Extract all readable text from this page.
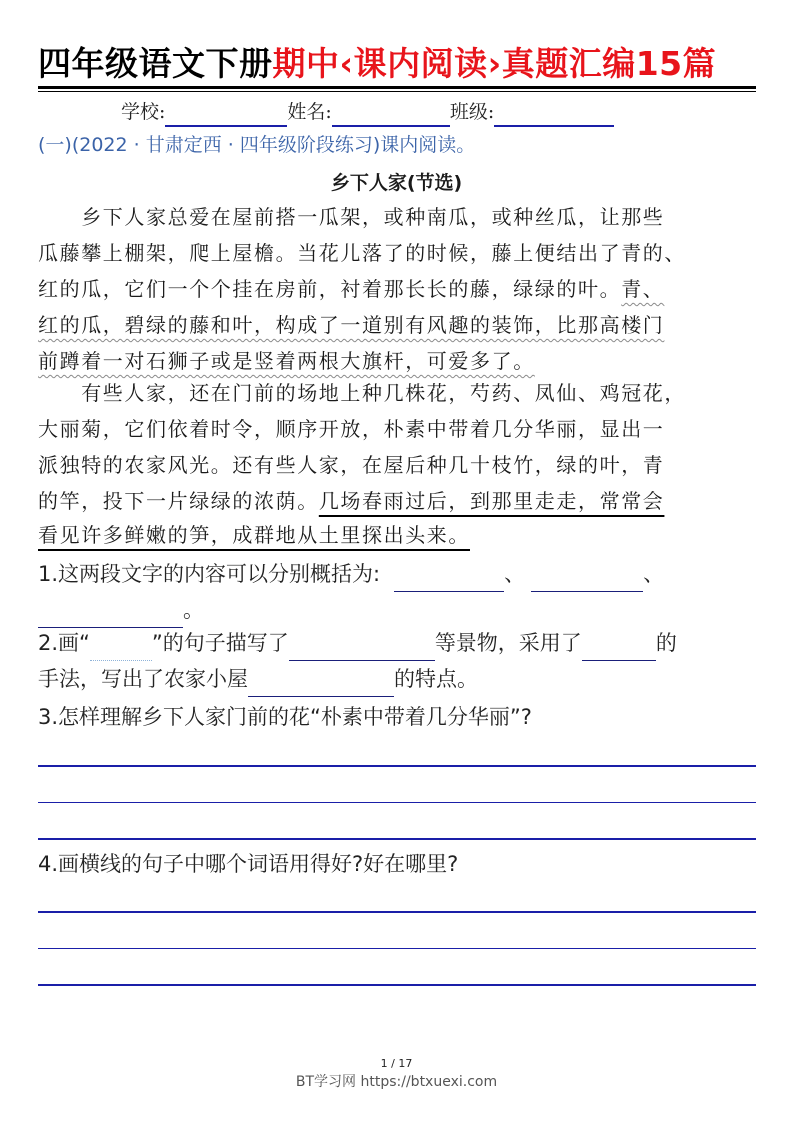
四年级语文下册期中‹课内阅读›真题汇编15篇
学校:	姓名:	班级:
(一)(2022 · 甘肃定西 · 四年级阶段练习)课内阅读。
乡下人家(节选)
　　乡下人家总爱在屋前搭一瓜架，或种南瓜，或种丝瓜，让那些
瓜藤攀上棚架，爬上屋檐。当花儿落了的时候，藤上便结出了青的、
红的瓜，它们一个个挂在房前，衬着那长长的藤，绿绿的叶。青、
红的瓜，碧绿的藤和叶，构成了一道别有风趣的装饰，比那高楼门
前蹲着一对石狮子或是竖着两根大旗杆，可爱多了。
　　有些人家，还在门前的场地上种几株花，芍药、凤仙、鸡冠花，
大丽菊，它们依着时令，顺序开放，朴素中带着几分华丽，显出一
派独特的农家风光。还有些人家，在屋后种几十枝竹，绿的叶，青
的竿，投下一片绿绿的浓荫。几场春雨过后，到那里走走，常常会
看见许多鲜嫩的笋，成群地从土里探出头来。
1.这两段文字的内容可以分别概括为:	、	、
。
2.画“	”的句子描写了	等景物，采用了	的
手法，写出了农家小屋	的特点。
3.怎样理解乡下人家门前的花“朴素中带着几分华丽”?
4.画横线的句子中哪个词语用得好?好在哪里?
1 / 17
BT学习网 https://btxuexi.com
